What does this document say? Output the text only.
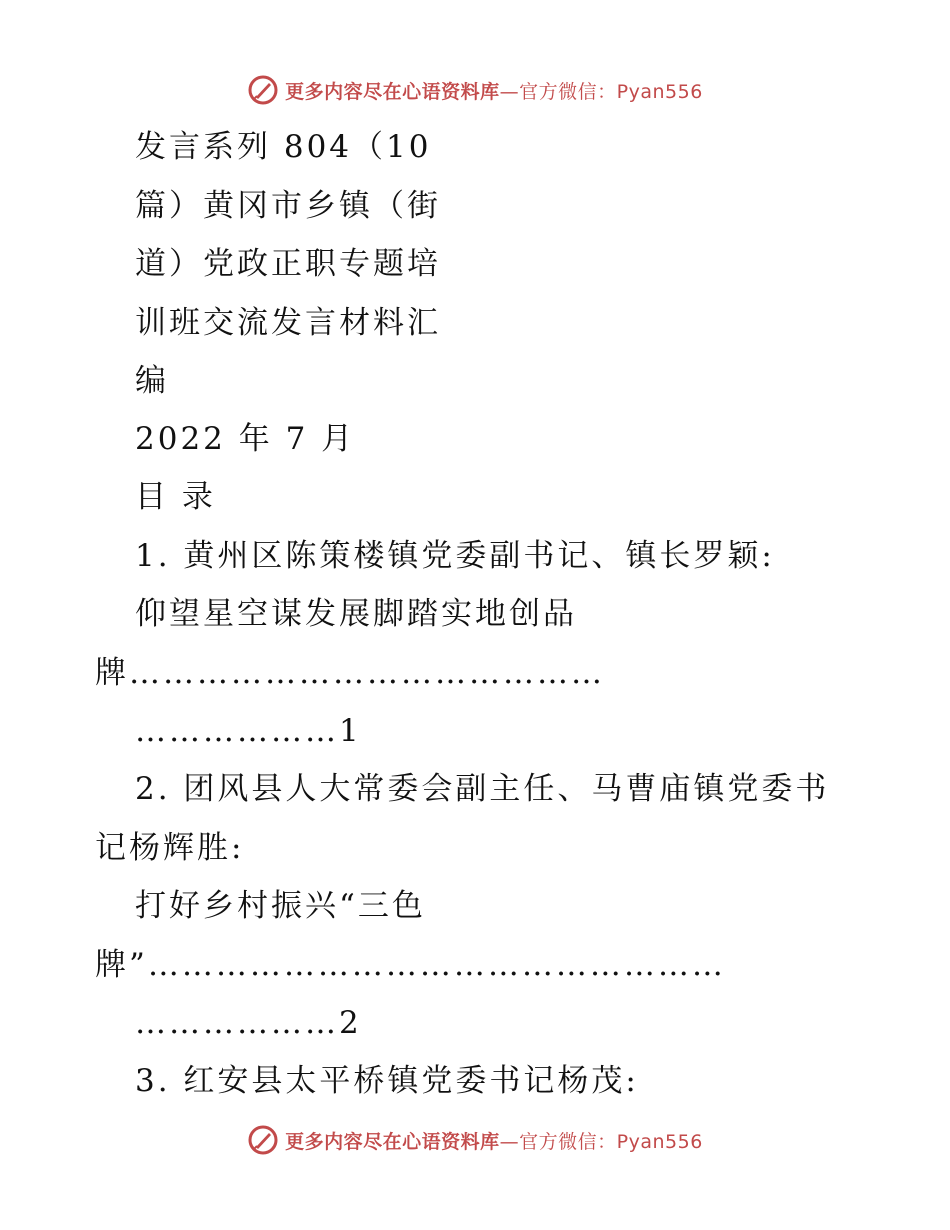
更多内容尽在心语资料库—官方微信：Pyan556
发言系列 804（10
篇）黄冈市乡镇（街
道）党政正职专题培
训班交流发言材料汇
编
2022 年 7 月
目 录
1. 黄州区陈策楼镇党委副书记、镇长罗颖:
仰望星空谋发展脚踏实地创品
牌……………………………………
………………1
2. 团风县人大常委会副主任、马曹庙镇党委书
记杨辉胜:
打好乡村振兴“三色
牌”……………………………………………
………………2
3. 红安县太平桥镇党委书记杨茂:
更多内容尽在心语资料库—官方微信：Pyan556
